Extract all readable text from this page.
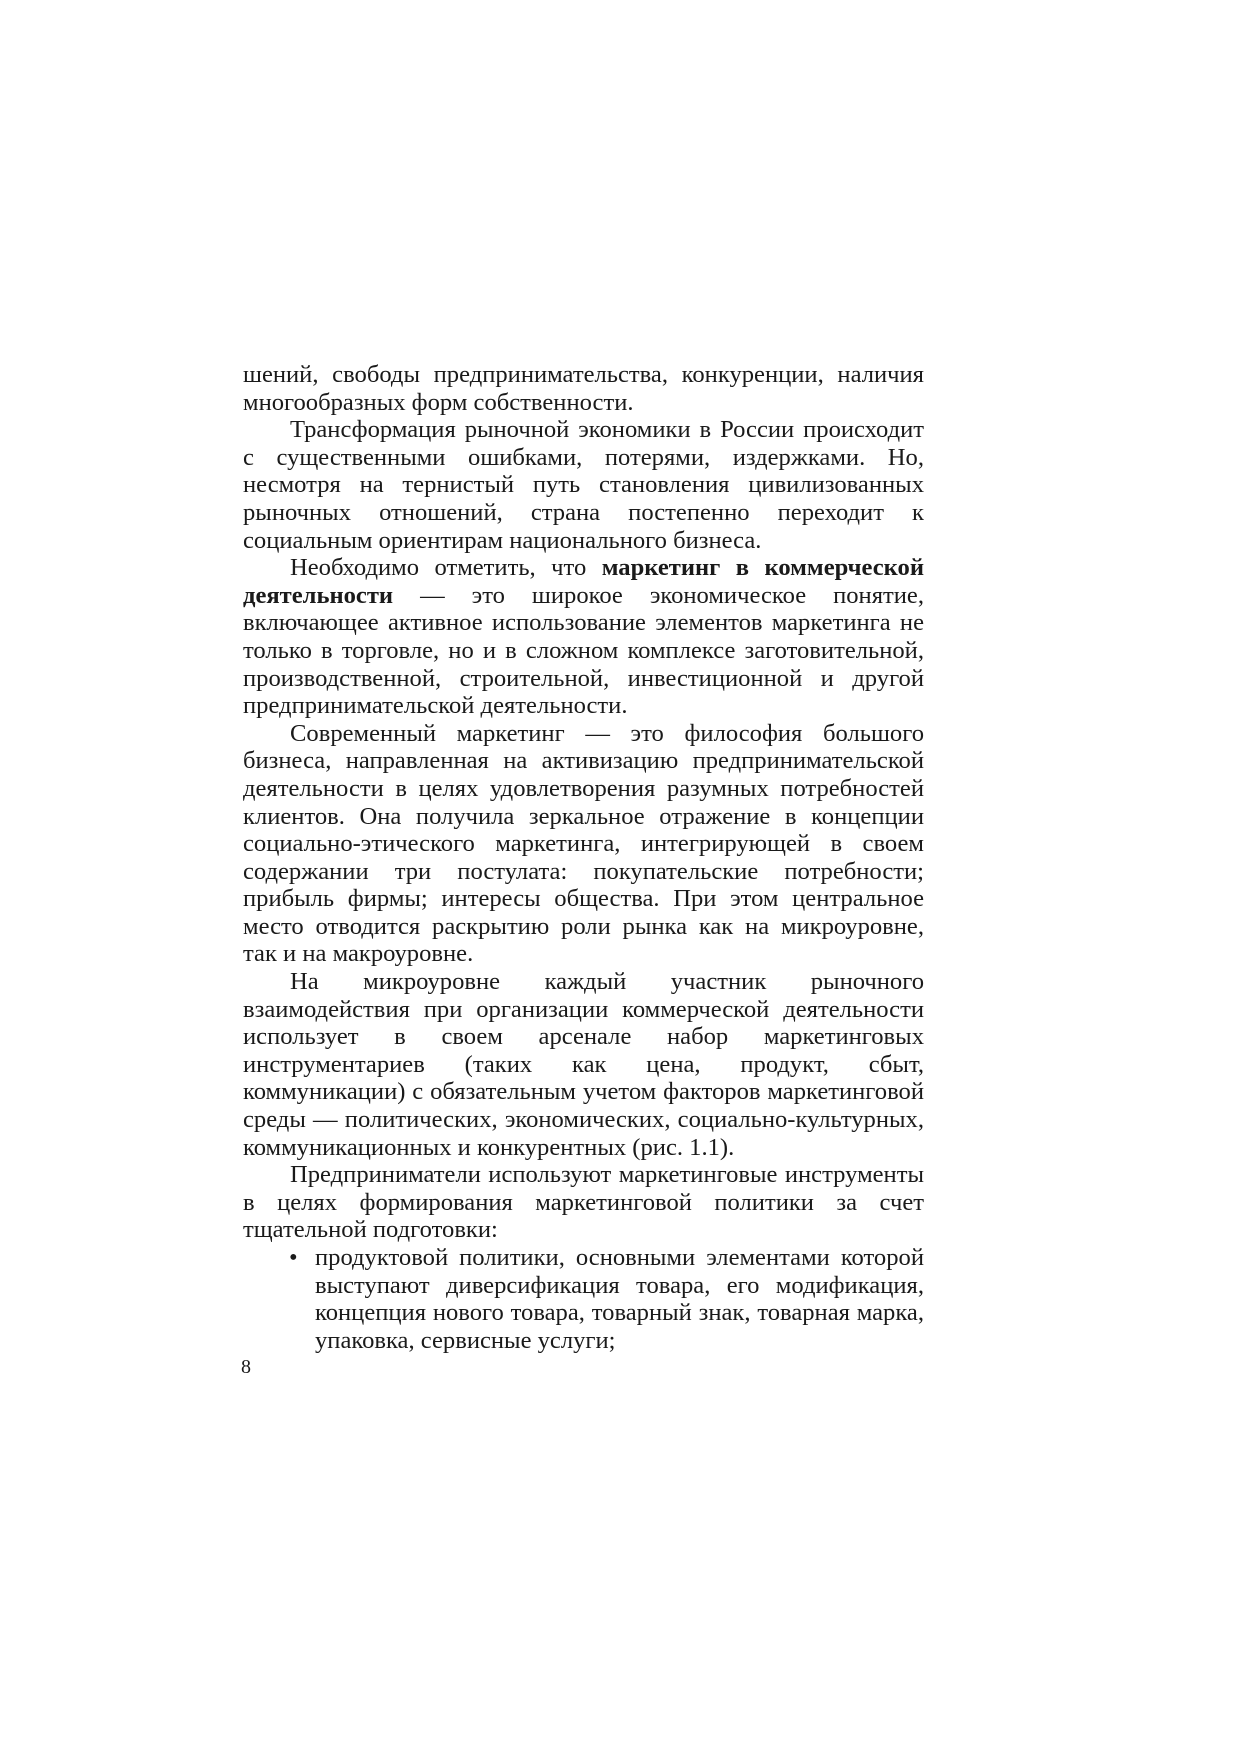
шений, свободы предпринимательства, конкуренции, наличия многообразных форм собственности.

Трансформация рыночной экономики в России происходит с существенными ошибками, потерями, издержками. Но, несмотря на тернистый путь становления цивилизованных рыночных отношений, страна постепенно переходит к социальным ориентирам национального бизнеса.

Необходимо отметить, что маркетинг в коммерческой деятельности — это широкое экономическое понятие, включающее активное использование элементов маркетинга не только в торговле, но и в сложном комплексе заготовительной, производственной, строительной, инвестиционной и другой предпринимательской деятельности.

Современный маркетинг — это философия большого бизнеса, направленная на активизацию предпринимательской деятельности в целях удовлетворения разумных потребностей клиентов. Она получила зеркальное отражение в концепции социально-этического маркетинга, интегрирующей в своем содержании три постулата: покупательские потребности; прибыль фирмы; интересы общества. При этом центральное место отводится раскрытию роли рынка как на микроуровне, так и на макроуровне.

На микроуровне каждый участник рыночного взаимодействия при организации коммерческой деятельности использует в своем арсенале набор маркетинговых инструментариев (таких как цена, продукт, сбыт, коммуникации) с обязательным учетом факторов маркетинговой среды — политических, экономических, социально-культурных, коммуникационных и конкурентных (рис. 1.1).

Предприниматели используют маркетинговые инструменты в целях формирования маркетинговой политики за счет тщательной подготовки:

• продуктовой политики, основными элементами которой выступают диверсификация товара, его модификация, концепция нового товара, товарный знак, товарная марка, упаковка, сервисные услуги;
8
